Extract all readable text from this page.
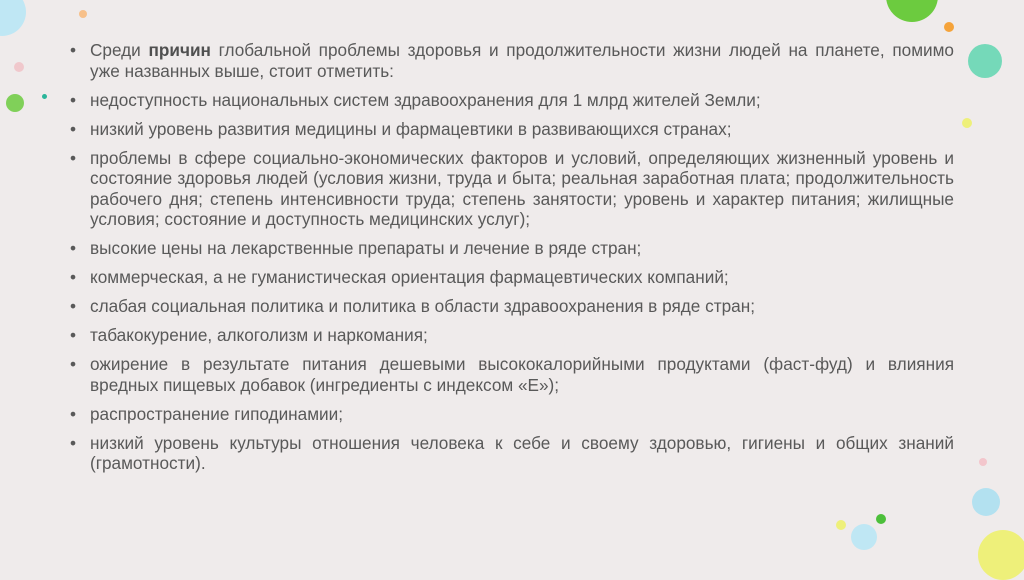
• Среди причин глобальной проблемы здоровья и продолжительности жизни людей на планете, помимо уже названных выше, стоит отметить:
• недоступность национальных систем здравоохранения для 1 млрд жителей Земли;
• низкий уровень развития медицины и фармацевтики в развивающихся странах;
• проблемы в сфере социально-экономических факторов и условий, определяющих жизненный уровень и состояние здоровья людей (условия жизни, труда и быта; реальная заработная плата; продолжительность рабочего дня; степень интенсивности труда; степень занятости; уровень и характер питания; жилищные условия; состояние и доступность медицинских услуг);
• высокие цены на лекарственные препараты и лечение в ряде стран;
• коммерческая, а не гуманистическая ориентация фармацевтических компаний;
• слабая социальная политика и политика в области здравоохранения в ряде стран;
• табакокурение, алкоголизм и наркомания;
• ожирение в результате питания дешевыми высококалорийными продуктами (фаст-фуд) и влияния вредных пищевых добавок (ингредиенты с индексом «Е»);
• распространение гиподинамии;
• низкий уровень культуры отношения человека к себе и своему здоровью, гигиены и общих знаний (грамотности).
